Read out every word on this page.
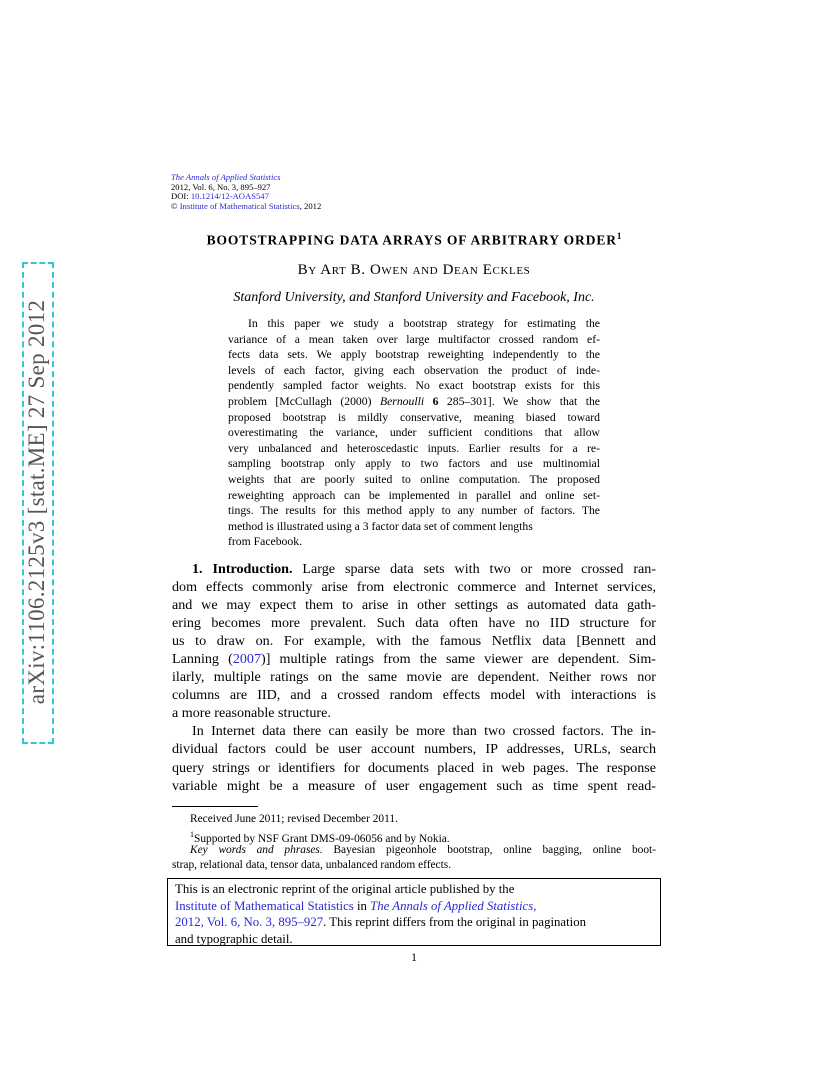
arXiv:1106.2125v3 [stat.ME] 27 Sep 2012
The Annals of Applied Statistics
2012, Vol. 6, No. 3, 895–927
DOI: 10.1214/12-AOAS547
© Institute of Mathematical Statistics, 2012
BOOTSTRAPPING DATA ARRAYS OF ARBITRARY ORDER$^1$
By Art B. Owen and Dean Eckles
Stanford University, and Stanford University and Facebook, Inc.
In this paper we study a bootstrap strategy for estimating the
variance of a mean taken over large multifactor crossed random ef-
fects data sets. We apply bootstrap reweighting independently to the
levels of each factor, giving each observation the product of inde-
pendently sampled factor weights. No exact bootstrap exists for this
problem [McCullagh (2000) Bernoulli 6 285–301]. We show that the
proposed bootstrap is mildly conservative, meaning biased toward
overestimating the variance, under sufficient conditions that allow
very unbalanced and heteroscedastic inputs. Earlier results for a re-
sampling bootstrap only apply to two factors and use multinomial
weights that are poorly suited to online computation. The proposed
reweighting approach can be implemented in parallel and online set-
tings. The results for this method apply to any number of factors. The
method is illustrated using a 3 factor data set of comment lengths
from Facebook.
1. Introduction. Large sparse data sets with two or more crossed ran-
dom effects commonly arise from electronic commerce and Internet services,
and we may expect them to arise in other settings as automated data gath-
ering becomes more prevalent. Such data often have no IID structure for
us to draw on. For example, with the famous Netflix data [Bennett and
Lanning (2007)] multiple ratings from the same viewer are dependent. Sim-
ilarly, multiple ratings on the same movie are dependent. Neither rows nor
columns are IID, and a crossed random effects model with interactions is
a more reasonable structure.
In Internet data there can easily be more than two crossed factors. The in-
dividual factors could be user account numbers, IP addresses, URLs, search
query strings or identifiers for documents placed in web pages. The response
variable might be a measure of user engagement such as time spent read-
Received June 2011; revised December 2011.
$^1$Supported by NSF Grant DMS-09-06056 and by Nokia.
Key words and phrases. Bayesian pigeonhole bootstrap, online bagging, online boot-
strap, relational data, tensor data, unbalanced random effects.
This is an electronic reprint of the original article published by the
Institute of Mathematical Statistics in The Annals of Applied Statistics,
2012, Vol. 6, No. 3, 895–927. This reprint differs from the original in pagination
and typographic detail.
1
